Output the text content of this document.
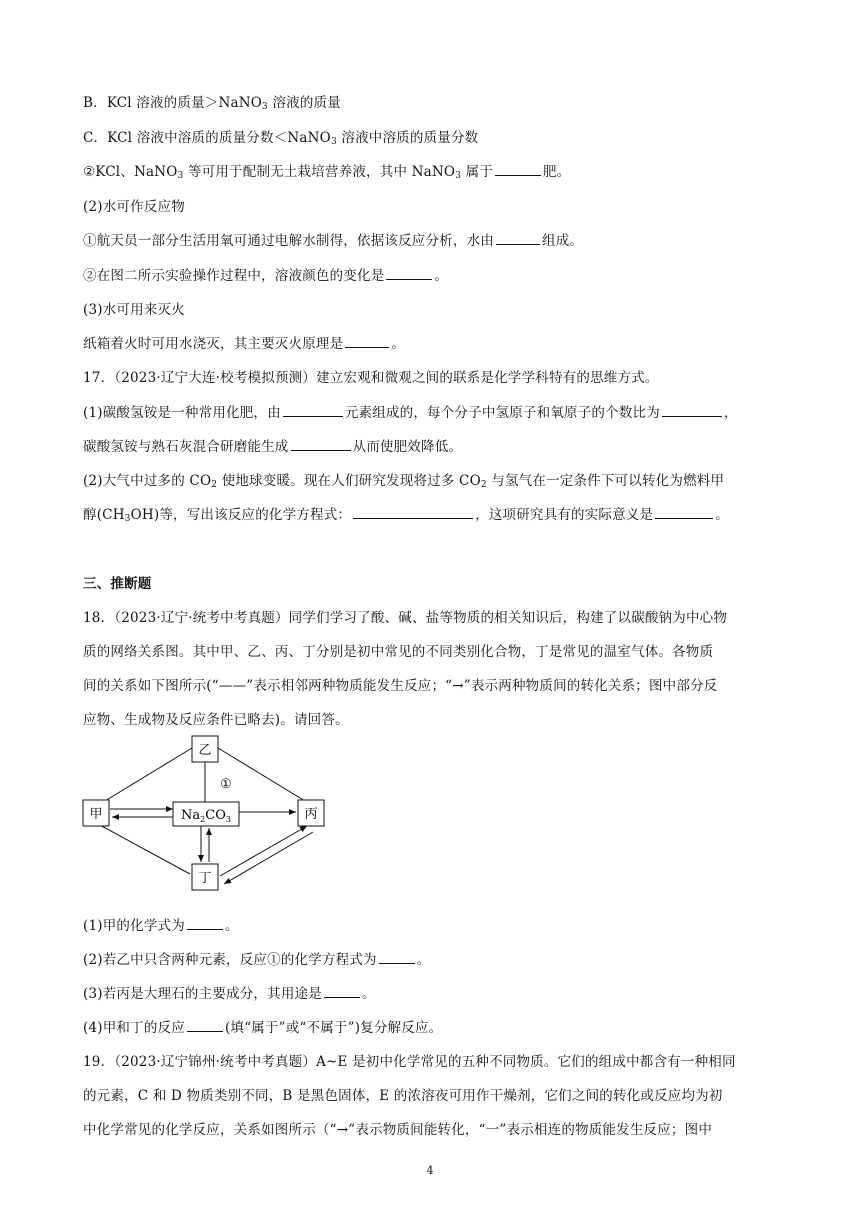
B．KCl 溶液的质量＞NaNO$_3$ 溶液的质量
C．KCl 溶液中溶质的质量分数＜NaNO$_3$ 溶液中溶质的质量分数
②KCl、NaNO$_3$ 等可用于配制无土栽培营养液，其中 NaNO$_3$ 属于	肥。
(2)水可作反应物
①航天员一部分生活用氧可通过电解水制得，依据该反应分析，水由	组成。
②在图二所示实验操作过程中，溶液颜色的变化是	。
(3)水可用来灭火
纸箱着火时可用水浇灭，其主要灭火原理是	。
17．（2023·辽宁大连·校考模拟预测）建立宏观和微观之间的联系是化学学科特有的思维方式。
(1)碳酸氢铵是一种常用化肥，由	元素组成的，每个分子中氢原子和氧原子的个数比为	，
碳酸氢铵与熟石灰混合研磨能生成	从而使肥效降低。
(2)大气中过多的 $CO_2$ 使地球变暖。现在人们研究发现将过多 $CO_2$ 与氢气在一定条件下可以转化为燃料甲
醇$(CH_3OH)$等，写出该反应的化学方程式：	，这项研究具有的实际意义是	。
三、推断题
18．（2023·辽宁·统考中考真题）同学们学习了酸、碱、盐等物质的相关知识后，构建了以碳酸钠为中心物
质的网络关系图。其中甲、乙、丙、丁分别是初中常见的不同类别化合物，丁是常见的温室气体。各物质
间的关系如下图所示(“——”表示相邻两种物质能发生反应；“→”表示两种物质间的转化关系；图中部分反
应物、生成物及反应条件已略去)。请回答。
乙
甲	丙
丁
$Na_2CO_3$
①
(1)甲的化学式为	。
(2)若乙中只含两种元素，反应①的化学方程式为	。
(3)若丙是大理石的主要成分，其用途是	。
(4)甲和丁的反应	(填“属于”或“不属于”)复分解反应。
19．（2023·辽宁锦州·统考中考真题）A~E 是初中化学常见的五种不同物质。它们的组成中都含有一种相同
的元素，C 和 D 物质类别不同，B 是黑色固体，E 的浓溶夜可用作干燥剂，它们之间的转化或反应均为初
中化学常见的化学反应，关系如图所示（“→”表示物质间能转化，“一”表示相连的物质能发生反应；图中
4
